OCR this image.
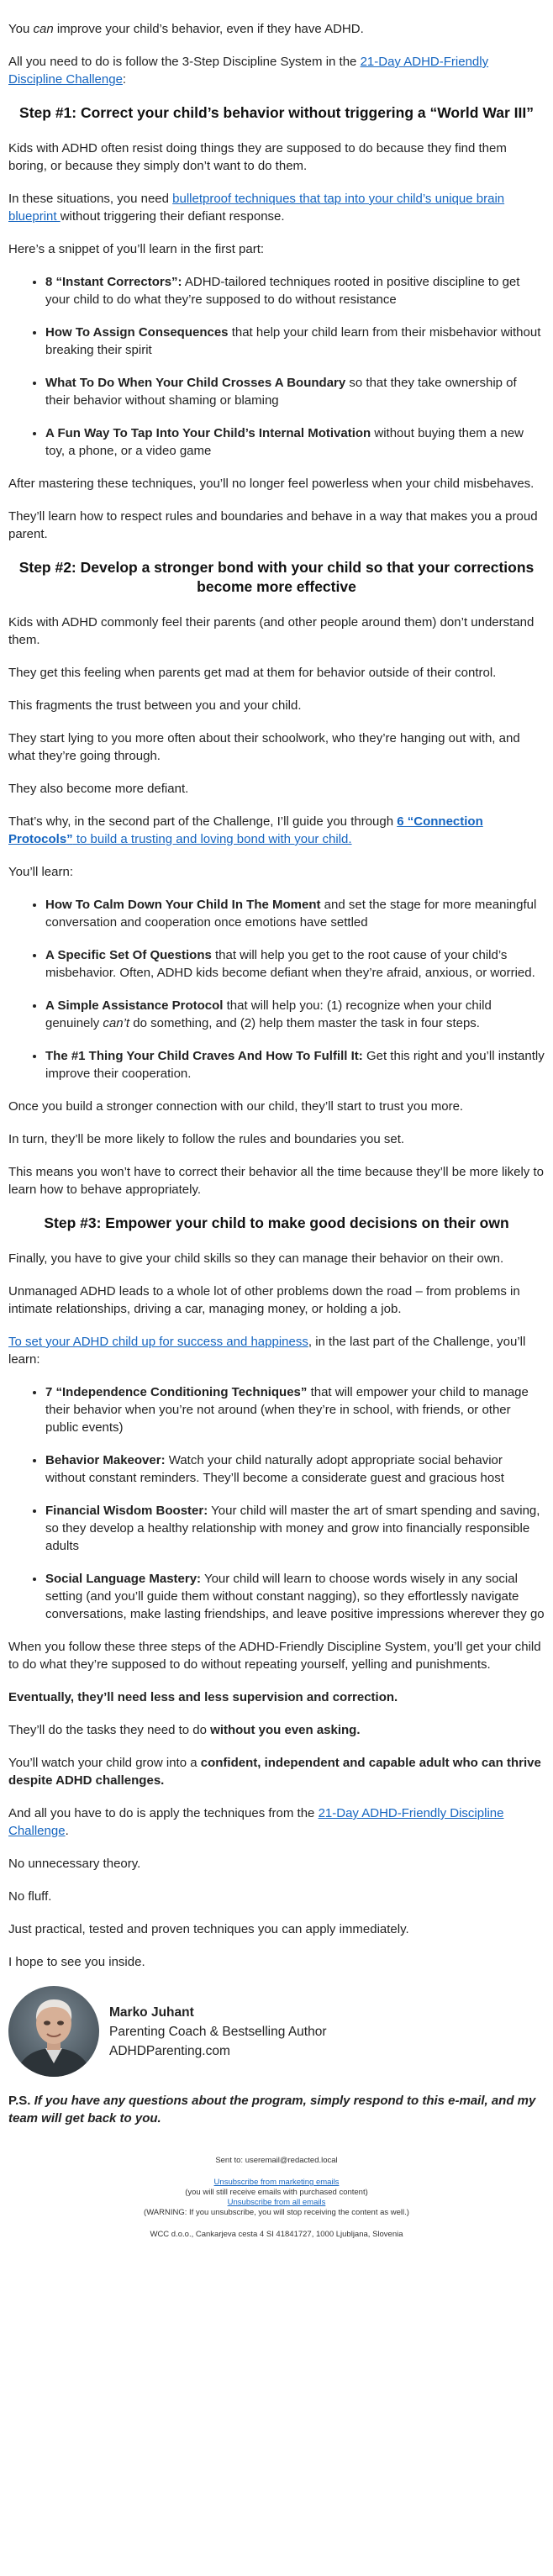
You can improve your child’s behavior, even if they have ADHD.

All you need to do is follow the 3-Step Discipline System in the 21-Day ADHD-Friendly Discipline Challenge:

Step #1: Correct your child’s behavior without triggering a “World War III”

Kids with ADHD often resist doing things they are supposed to do because they find them boring, or because they simply don’t want to do them.

In these situations, you need bulletproof techniques that tap into your child’s unique brain blueprint without triggering their defiant response.

Here’s a snippet of you’ll learn in the first part:

• 8 “Instant Correctors”: ADHD-tailored techniques rooted in positive discipline to get your child to do what they’re supposed to do without resistance
• How To Assign Consequences that help your child learn from their misbehavior without breaking their spirit
• What To Do When Your Child Crosses A Boundary so that they take ownership of their behavior without shaming or blaming
• A Fun Way To Tap Into Your Child’s Internal Motivation without buying them a new toy, a phone, or a video game

After mastering these techniques, you’ll no longer feel powerless when your child misbehaves.

They’ll learn how to respect rules and boundaries and behave in a way that makes you a proud parent.

Step #2: Develop a stronger bond with your child so that your corrections become more effective

Kids with ADHD commonly feel their parents (and other people around them) don’t understand them.

They get this feeling when parents get mad at them for behavior outside of their control.

This fragments the trust between you and your child.

They start lying to you more often about their schoolwork, who they’re hanging out with, and what they’re going through.

They also become more defiant.

That’s why, in the second part of the Challenge, I’ll guide you through 6 “Connection Protocols” to build a trusting and loving bond with your child.

You’ll learn:

• How To Calm Down Your Child In The Moment and set the stage for more meaningful conversation and cooperation once emotions have settled
• A Specific Set Of Questions that will help you get to the root cause of your child’s misbehavior. Often, ADHD kids become defiant when they’re afraid, anxious, or worried.
• A Simple Assistance Protocol that will help you: (1) recognize when your child genuinely can’t do something, and (2) help them master the task in four steps.
• The #1 Thing Your Child Craves And How To Fulfill It: Get this right and you’ll instantly improve their cooperation.

Once you build a stronger connection with our child, they’ll start to trust you more.

In turn, they’ll be more likely to follow the rules and boundaries you set.

This means you won’t have to correct their behavior all the time because they’ll be more likely to learn how to behave appropriately.

Step #3: Empower your child to make good decisions on their own

Finally, you have to give your child skills so they can manage their behavior on their own.

Unmanaged ADHD leads to a whole lot of other problems down the road – from problems in intimate relationships, driving a car, managing money, or holding a job.

To set your ADHD child up for success and happiness, in the last part of the Challenge, you’ll learn:

• 7 “Independence Conditioning Techniques” that will empower your child to manage their behavior when you’re not around (when they’re in school, with friends, or other public events)
• Behavior Makeover: Watch your child naturally adopt appropriate social behavior without constant reminders. They’ll become a considerate guest and gracious host
• Financial Wisdom Booster: Your child will master the art of smart spending and saving, so they develop a healthy relationship with money and grow into financially responsible adults
• Social Language Mastery: Your child will learn to choose words wisely in any social setting (and you’ll guide them without constant nagging), so they effortlessly navigate conversations, make lasting friendships, and leave positive impressions wherever they go

When you follow these three steps of the ADHD-Friendly Discipline System, you’ll get your child to do what they’re supposed to do without repeating yourself, yelling and punishments.

Eventually, they’ll need less and less supervision and correction.

They’ll do the tasks they need to do without you even asking.

You’ll watch your child grow into a confident, independent and capable adult who can thrive despite ADHD challenges.

And all you have to do is apply the techniques from the 21-Day ADHD-Friendly Discipline Challenge.

No unnecessary theory.

No fluff.

Just practical, tested and proven techniques you can apply immediately.

I hope to see you inside.

Marko Juhant
Parenting Coach & Bestselling Author
ADHDParenting.com

P.S. If you have any questions about the program, simply respond to this e-mail, and my team will get back to you.

Sent to: useremail@redacted.local
Unsubscribe from marketing emails
(you will still receive emails with purchased content)
Unsubscribe from all emails
(WARNING: If you unsubscribe, you will stop receiving the content as well.)
WCC d.o.o., Cankarjeva cesta 4 SI 41841727, 1000 Ljubljana, Slovenia
